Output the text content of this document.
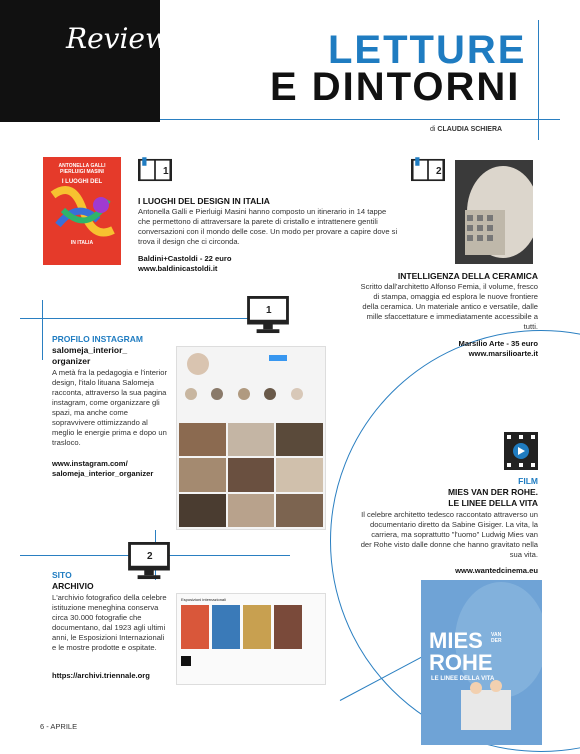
Review	LETTURE
E DINTORNI
di CLAUDIA SCHIERA
ANTONELLA GALLI
PIERLUIGI MASINI
I LUOGHI DEL
IN ITALIA
1
I LUOGHI DEL DESIGN IN ITALIA
Antonella Galli e Pierluigi Masini hanno composto un itinerario in 14 tappe che permettono di attraversare la parete di cristallo e intrattenere gentili conversazioni con il mondo delle cose. Un modo per provare a capire dove si trova il design che ci circonda.
Baldini+Castoldi - 22 euro
www.baldinicastoldi.it
2
INTELLIGENZA DELLA CERAMICA
Scritto dall'architetto Alfonso Femia, il volume, fresco di stampa, omaggia ed esplora le nuove frontiere della ceramica. Un materiale antico e versatile, dalle mille sfaccettature e immediatamente accessibile a tutti.
Marsilio Arte - 35 euro
www.marsilioarte.it
1
PROFILO INSTAGRAM
salomeja_interior_
organizer
A metà fra la pedagogia e l'interior design, l'italo lituana Salomeja racconta, attraverso la sua pagina instagram, come organizzare gli spazi, ma anche come sopravvivere ottimizzando al meglio le energie prima e dopo un trasloco.
www.instagram.com/
salomeja_interior_organizer

2
SITO
ARCHIVIO
L'archivio fotografico della celebre istituzione meneghina conserva circa 30.000 fotografie che documentano, dal 1923 agli ultimi anni, le Esposizioni Internazionali e le mostre prodotte e ospitate.
https://archivi.triennale.org
Esposizioni internazionali
FILM
MIES VAN DER ROHE.
LE LINEE DELLA VITA
Il celebre architetto tedesco raccontato attraverso un documentario diretto da Sabine Gisiger. La vita, la carriera, ma soprattutto "l'uomo" Ludwig Mies van der Rohe visto dalle donne che hanno gravitato nella sua vita.
www.wantedcinema.eu
MIES VAN DER
ROHE
LE LINEE DELLA VITA
6 - APRILE
